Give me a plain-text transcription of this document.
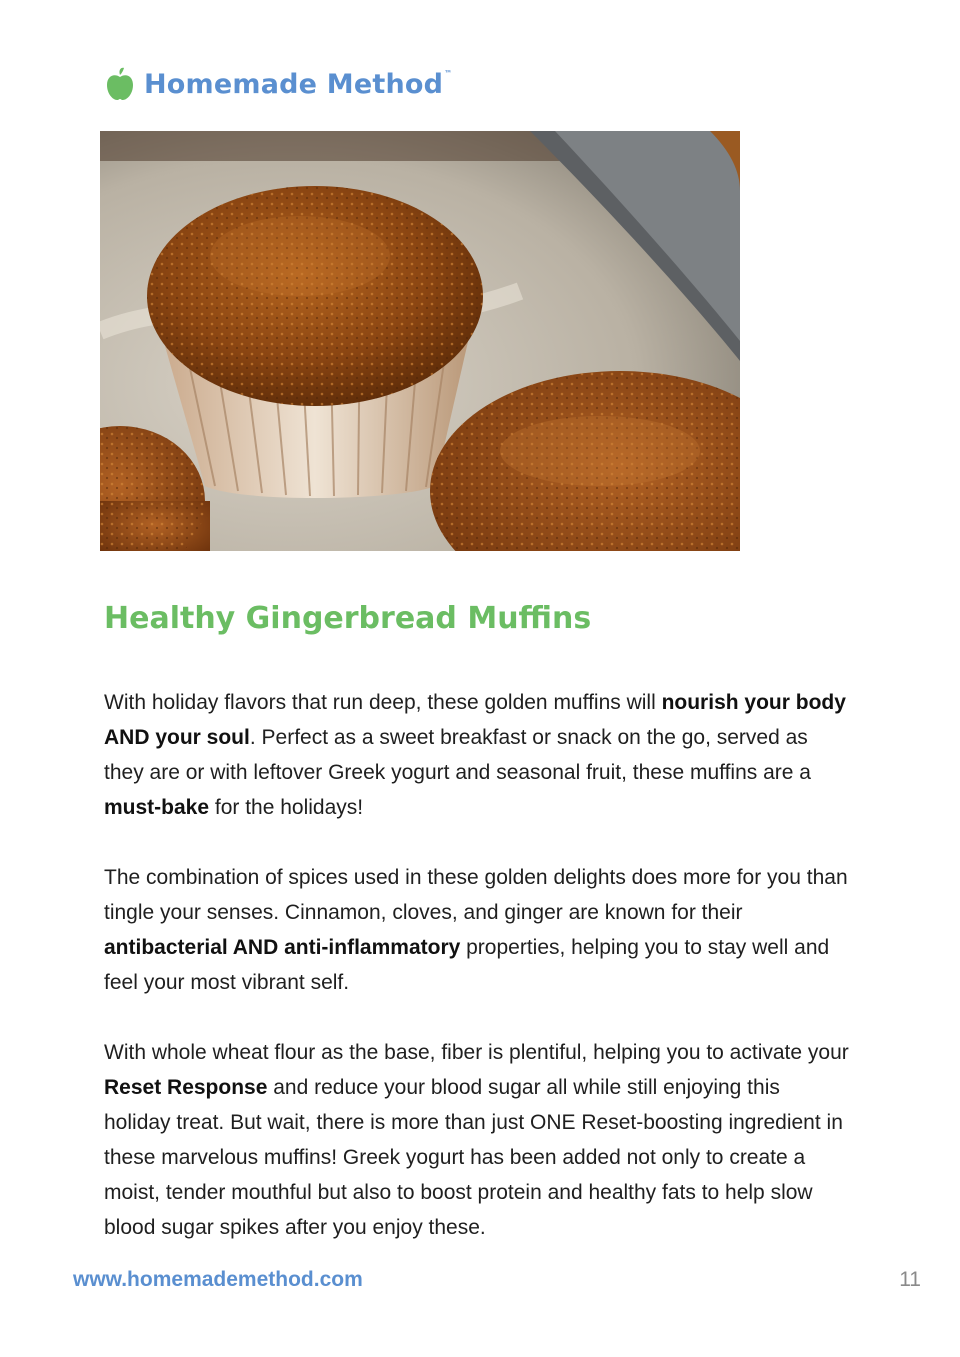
Homemade Method™
Healthy Gingerbread Muffins

With holiday flavors that run deep, these golden muffins will nourish your body AND your soul. Perfect as a sweet breakfast or snack on the go, served as they are or with leftover Greek yogurt and seasonal fruit, these muffins are a must-bake for the holidays!

The combination of spices used in these golden delights does more for you than tingle your senses. Cinnamon, cloves, and ginger are known for their antibacterial AND anti-inflammatory properties, helping you to stay well and feel your most vibrant self.

With whole wheat flour as the base, fiber is plentiful, helping you to activate your Reset Response and reduce your blood sugar all while still enjoying this holiday treat. But wait, there is more than just ONE Reset-boosting ingredient in these marvelous muffins! Greek yogurt has been added not only to create a moist, tender mouthful but also to boost protein and healthy fats to help slow blood sugar spikes after you enjoy these.

www.homemademethod.com	11
